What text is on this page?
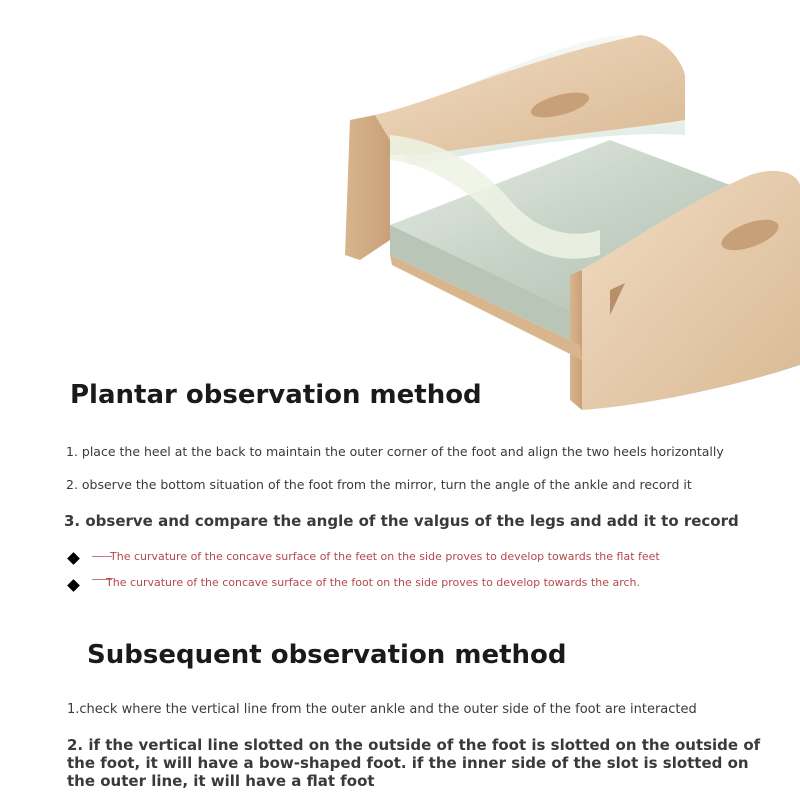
Plantar observation method
1. place the heel at the back to maintain the outer corner of the foot and align the two heels horizontally
2. observe the bottom situation of the foot from the mirror, turn the angle of the ankle and record it
3. observe and compare the angle of the valgus of the legs and add it to record
The curvature of the concave surface of the feet on the side proves to develop towards the flat feet
The curvature of the concave surface of the foot on the side proves to develop towards the arch.
Subsequent observation method
1.check where the vertical line from the outer ankle and the outer side of the foot are interacted
2. if the vertical line slotted on the outside of the foot is slotted on the outside of the foot, it will have a bow-shaped foot. if the inner side of the slot is slotted on the outer line, it will have a flat foot
